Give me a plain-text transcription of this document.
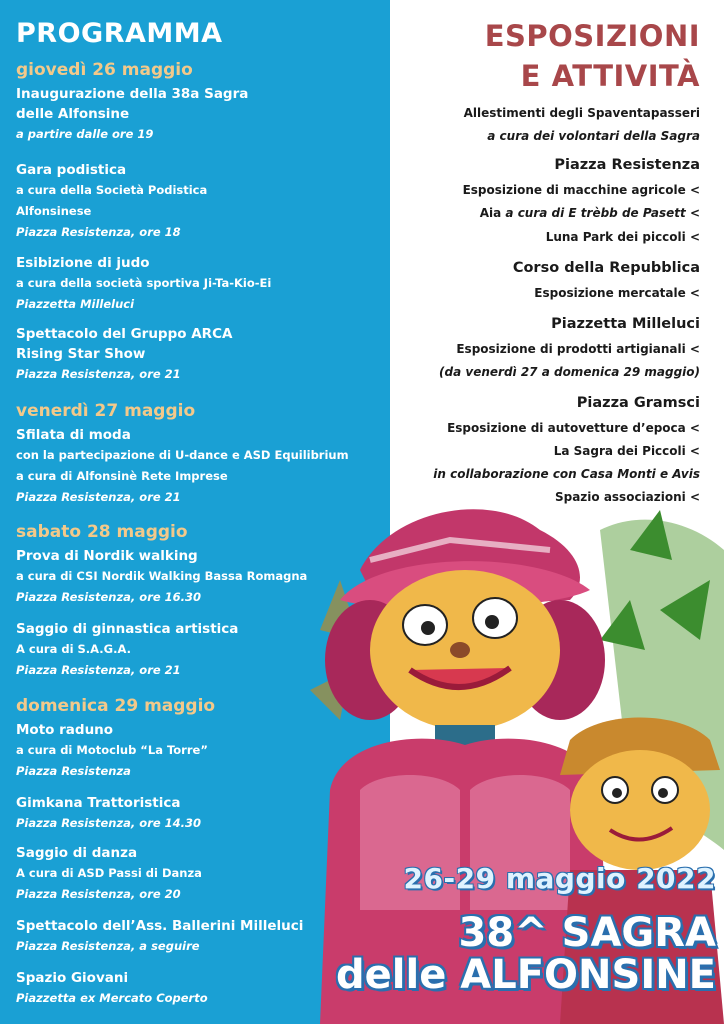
PROGRAMMA
giovedì 26 maggio
Inaugurazione della 38a Sagra
delle Alfonsine
a partire dalle ore 19
Gara podistica
a cura della Società Podistica
Alfonsinese
Piazza Resistenza, ore 18
Esibizione di judo
a cura della società sportiva Ji-Ta-Kio-Ei
Piazzetta Milleluci
Spettacolo del Gruppo ARCA
Rising Star Show
Piazza Resistenza, ore 21
venerdì 27 maggio
Sfilata di moda
con la partecipazione di U-dance e ASD Equilibrium
a cura di Alfonsinè Rete Imprese
Piazza Resistenza, ore 21
sabato 28 maggio
Prova di Nordik walking
a cura di CSI Nordik Walking Bassa Romagna
Piazza Resistenza, ore 16.30
Saggio di ginnastica artistica
A cura di S.A.G.A.
Piazza Resistenza, ore 21
domenica 29 maggio
Moto raduno
a cura di Motoclub “La Torre”
Piazza Resistenza
Gimkana Trattoristica
Piazza Resistenza, ore 14.30
Saggio di danza
A cura di ASD Passi di Danza
Piazza Resistenza, ore 20
Spettacolo dell’Ass. Ballerini Milleluci
Piazza Resistenza, a seguire
Spazio Giovani
Piazzetta ex Mercato Coperto
ESPOSIZIONI
E ATTIVITÀ
Allestimenti degli Spaventapasseri
a cura dei volontari della Sagra
Piazza Resistenza
Esposizione di macchine agricole <
Aia a cura di E trèbb de Pasett <
Luna Park dei piccoli <
Corso della Repubblica
Esposizione mercatale <
Piazzetta Milleluci
Esposizione di prodotti artigianali <
(da venerdì 27 a domenica 29 maggio)
Piazza Gramsci
Esposizione di autovetture d’epoca <
La Sagra dei Piccoli <
in collaborazione con Casa Monti e Avis
Spazio associazioni <
26-29 maggio 2022
38^ SAGRA
delle ALFONSINE
